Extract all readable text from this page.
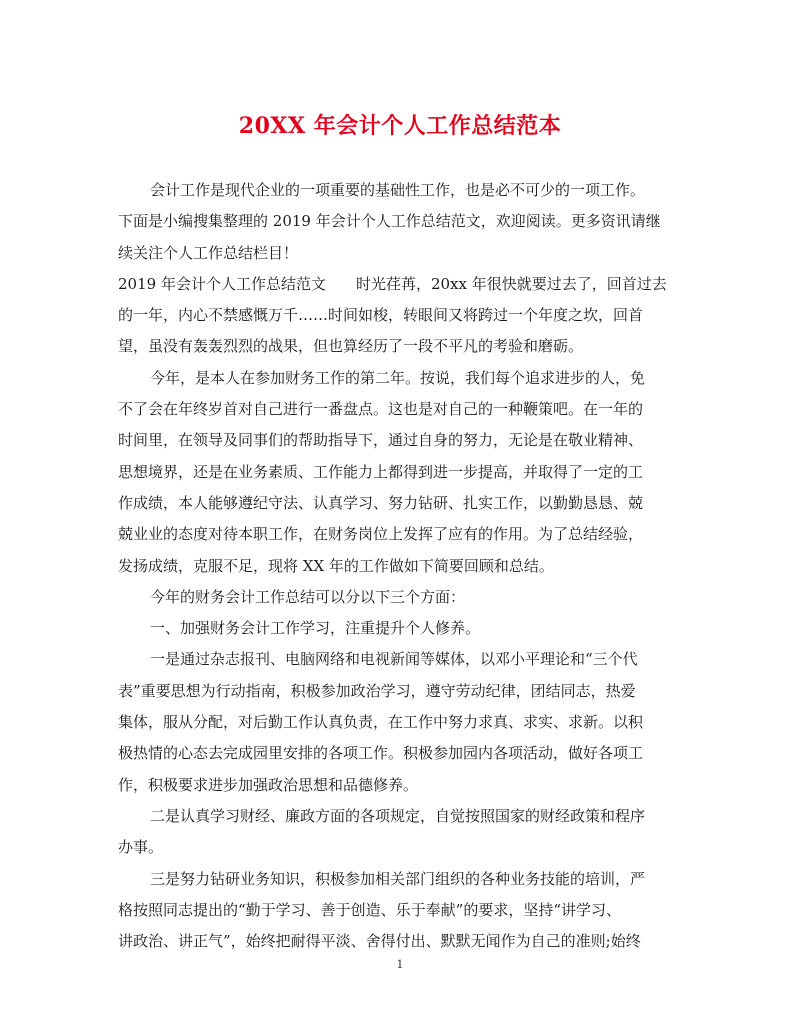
20XX 年会计个人工作总结范本
会计工作是现代企业的一项重要的基础性工作，也是必不可少的一项工作。
下面是小编搜集整理的 2019 年会计个人工作总结范文，欢迎阅读。更多资讯请继
续关注个人工作总结栏目！
2019 年会计个人工作总结范文　　时光荏苒，20xx 年很快就要过去了，回首过去
的一年，内心不禁感慨万千……时间如梭，转眼间又将跨过一个年度之坎，回首
望，虽没有轰轰烈烈的战果，但也算经历了一段不平凡的考验和磨砺。
今年，是本人在参加财务工作的第二年。按说，我们每个追求进步的人，免
不了会在年终岁首对自己进行一番盘点。这也是对自己的一种鞭策吧。在一年的
时间里，在领导及同事们的帮助指导下，通过自身的努力，无论是在敬业精神、
思想境界，还是在业务素质、工作能力上都得到进一步提高，并取得了一定的工
作成绩，本人能够遵纪守法、认真学习、努力钻研、扎实工作，以勤勤恳恳、兢
兢业业的态度对待本职工作，在财务岗位上发挥了应有的作用。为了总结经验，
发扬成绩，克服不足，现将 XX 年的工作做如下简要回顾和总结。
今年的财务会计工作总结可以分以下三个方面：
一、加强财务会计工作学习，注重提升个人修养。
一是通过杂志报刊、电脑网络和电视新闻等媒体，以邓小平理论和“三个代
表”重要思想为行动指南，积极参加政治学习，遵守劳动纪律，团结同志，热爱
集体，服从分配，对后勤工作认真负责，在工作中努力求真、求实、求新。以积
极热情的心态去完成园里安排的各项工作。积极参加园内各项活动，做好各项工
作，积极要求进步加强政治思想和品德修养。
二是认真学习财经、廉政方面的各项规定，自觉按照国家的财经政策和程序
办事。
三是努力钻研业务知识，积极参加相关部门组织的各种业务技能的培训，严
格按照同志提出的“勤于学习、善于创造、乐于奉献”的要求，坚持“讲学习、
讲政治、讲正气”，始终把耐得平淡、舍得付出、默默无闻作为自己的准则;始终
1
